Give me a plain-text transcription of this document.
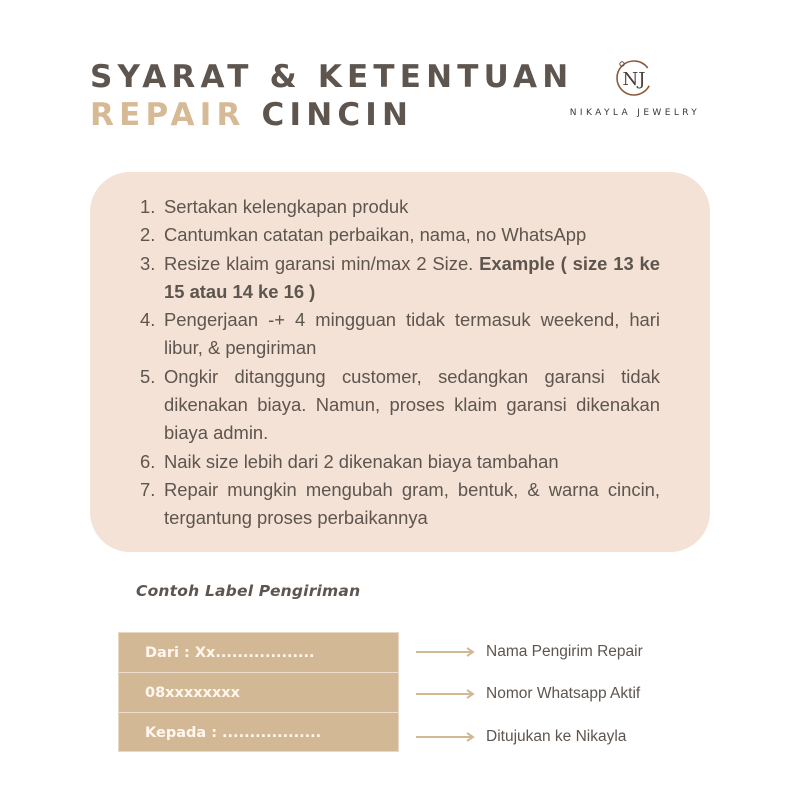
SYARAT & KETENTUAN
REPAIR CINCIN
NJ
NIKAYLA JEWELRY
1. Sertakan kelengkapan produk
2. Cantumkan catatan perbaikan, nama, no WhatsApp
3. Resize klaim garansi min/max 2 Size. Example ( size 13 ke 15 atau 14 ke 16 )
4. Pengerjaan -+ 4 mingguan tidak termasuk weekend, hari libur, & pengiriman
5. Ongkir ditanggung customer, sedangkan garansi tidak dikenakan biaya. Namun, proses klaim garansi dikenakan biaya admin.
6. Naik size lebih dari 2 dikenakan biaya tambahan
7. Repair mungkin mengubah gram, bentuk, & warna cincin, tergantung proses perbaikannya
Contoh Label Pengiriman
Dari : Xx..................
08xxxxxxxx
Kepada : ..................
Nama Pengirim Repair
Nomor Whatsapp Aktif
Ditujukan ke Nikayla
